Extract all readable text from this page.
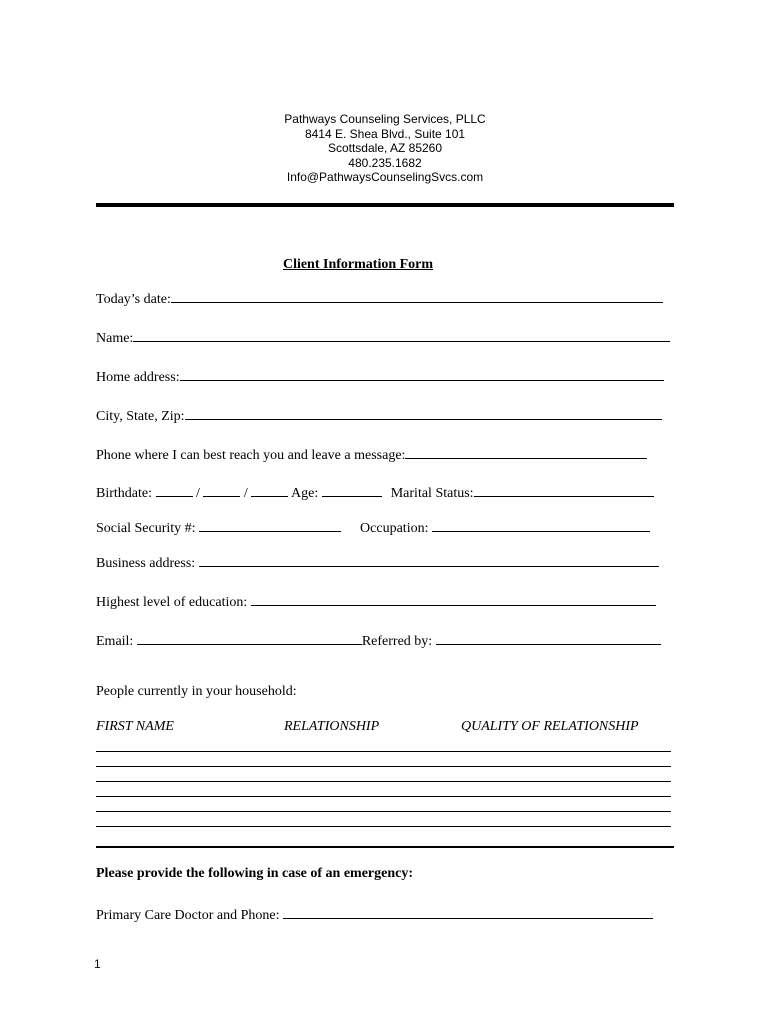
Pathways Counseling Services, PLLC
8414 E. Shea Blvd., Suite 101
Scottsdale, AZ 85260
480.235.1682
Info@PathwaysCounselingSvcs.com
Client Information Form
Today’s date:
Name:
Home address:
City, State, Zip:
Phone where I can best reach you and leave a message:
Birthdate:	/	/	Age:	Marital Status:
Social Security #:	Occupation:
Business address:
Highest level of education:
Email:	Referred by:
People currently in your household:
FIRST NAME	RELATIONSHIP	QUALITY OF RELATIONSHIP
Please provide the following in case of an emergency:
Primary Care Doctor and Phone:
1
